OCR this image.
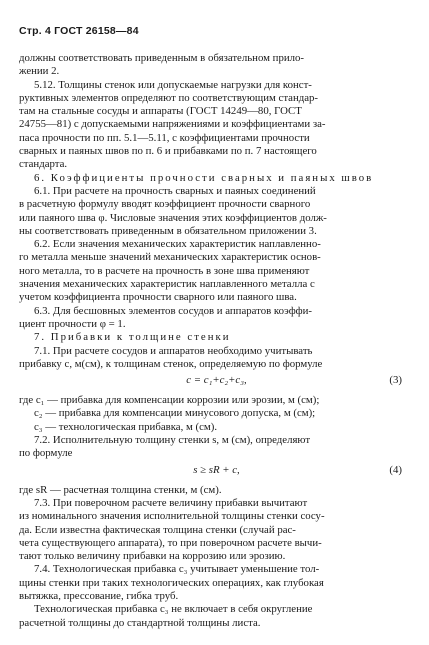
Стр. 4 ГОСТ 26158—84

должны соответствовать приведенным в обязательном прило-

жении 2.

5.12. Толщины стенок или допускаемые нагрузки для конст-

руктивных элементов определяют по соответствующим стандар-

там на стальные сосуды и аппараты (ГОСТ 14249—80, ГОСТ

24755—81) с допускаемыми напряжениями и коэффициентами за-

паса прочности по пп. 5.1—5.11, с коэффициентами прочности

сварных и паяных швов по п. 6 и прибавками по п. 7 настоящего

стандарта.

6. Коэффициенты прочности сварных и паяных швов

6.1. При расчете на прочность сварных и паяных соединений

в расчетную формулу вводят коэффициент прочности сварного

или паяного шва φ. Числовые значения этих коэффициентов долж-

ны соответствовать приведенным в обязательном приложении 3.

6.2. Если значения механических характеристик наплавленно-

го металла меньше значений механических характеристик основ-

ного металла, то в расчете на прочность в зоне шва применяют

значения механических характеристик наплавленного металла с

учетом коэффициента прочности сварного или паяного шва.

6.3. Для бесшовных элементов сосудов и аппаратов коэффи-

циент прочности φ = 1.

7. Прибавки к толщине стенки

7.1. При расчете сосудов и аппаратов необходимо учитывать

прибавку c, м(см), к толщинам стенок, определяемую по формуле

c = c₁+c₂+c₃,	(3)

где c₁ — прибавка для компенсации коррозии или эрозии, м (см);

c₂ — прибавка для компенсации минусового допуска, м (см);

c₃ — технологическая прибавка, м (см).

7.2. Исполнительную толщину стенки s, м (см), определяют

по формуле

s ≥ sR + c,	(4)

где sR — расчетная толщина стенки, м (см).

7.3. При поверочном расчете величину прибавки вычитают

из номинального значения исполнительной толщины стенки сосу-

да. Если известна фактическая толщина стенки (случай рас-

чета существующего аппарата), то при поверочном расчете вычи-

тают только величину прибавки на коррозию или эрозию.

7.4. Технологическая прибавка c₃ учитывает уменьшение тол-

щины стенки при таких технологических операциях, как глубокая

вытяжка, прессование, гибка труб.

Технологическая прибавка c₃ не включает в себя округление

расчетной толщины до стандартной толщины листа.
